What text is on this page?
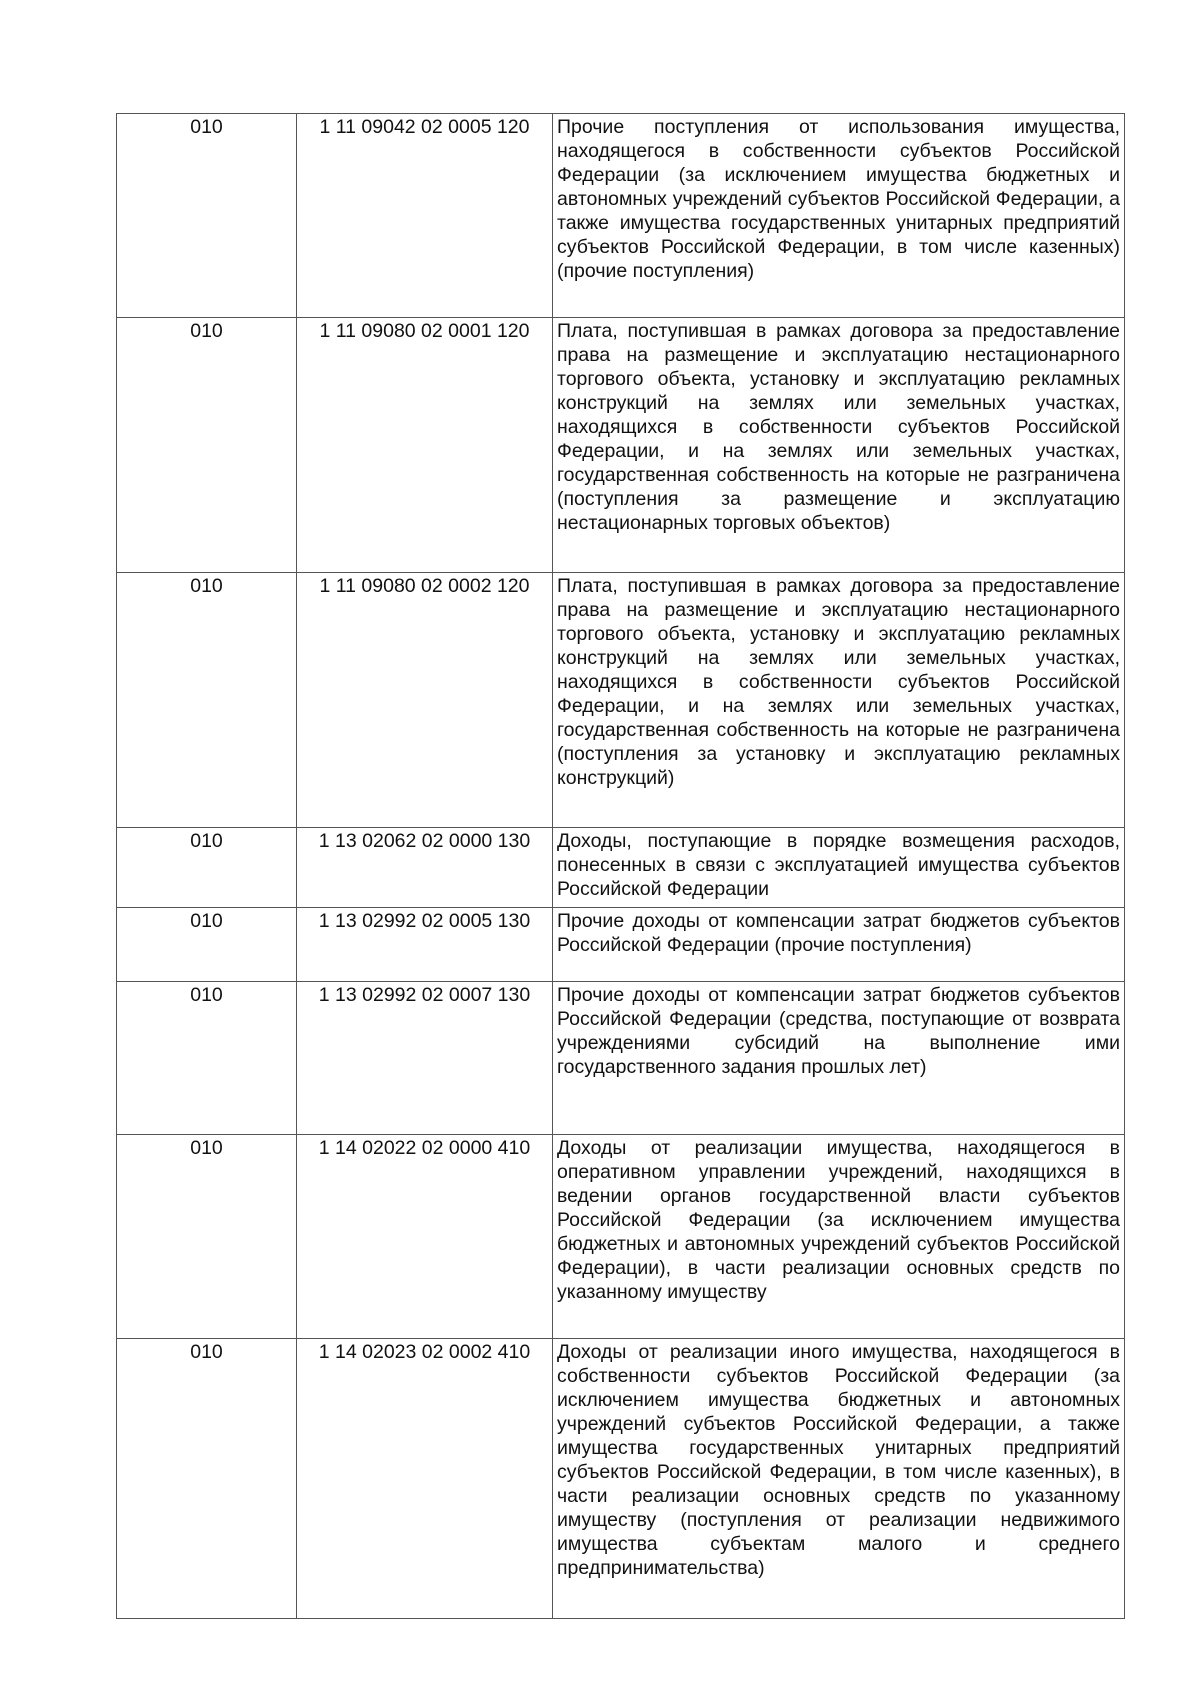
010	1 11 09042 02 0005 120	Прочие поступления от использования имущества, находящегося в собственности субъектов Российской Федерации (за исключением имущества бюджетных и автономных учреждений субъектов Российской Федерации, а также имущества государственных унитарных предприятий субъектов Российской Федерации, в том числе казенных) (прочие поступления)
010	1 11 09080 02 0001 120	Плата, поступившая в рамках договора за предоставление права на размещение и эксплуатацию нестационарного торгового объекта, установку и эксплуатацию рекламных конструкций на землях или земельных участках, находящихся в собственности субъектов Российской Федерации, и на землях или земельных участках, государственная собственность на которые не разграничена (поступления за размещение и эксплуатацию нестационарных торговых объектов)
010	1 11 09080 02 0002 120	Плата, поступившая в рамках договора за предоставление права на размещение и эксплуатацию нестационарного торгового объекта, установку и эксплуатацию рекламных конструкций на землях или земельных участках, находящихся в собственности субъектов Российской Федерации, и на землях или земельных участках, государственная собственность на которые не разграничена (поступления за установку и эксплуатацию рекламных конструкций)
010	1 13 02062 02 0000 130	Доходы, поступающие в порядке возмещения расходов, понесенных в связи с эксплуатацией имущества субъектов Российской Федерации
010	1 13 02992 02 0005 130	Прочие доходы от компенсации затрат бюджетов субъектов Российской Федерации (прочие поступления)
010	1 13 02992 02 0007 130	Прочие доходы от компенсации затрат бюджетов субъектов Российской Федерации (средства, поступающие от возврата учреждениями субсидий на выполнение ими государственного задания прошлых лет)
010	1 14 02022 02 0000 410	Доходы от реализации имущества, находящегося в оперативном управлении учреждений, находящихся в ведении органов государственной власти субъектов Российской Федерации (за исключением имущества бюджетных и автономных учреждений субъектов Российской Федерации), в части реализации основных средств по указанному имуществу
010	1 14 02023 02 0002 410	Доходы от реализации иного имущества, находящегося в собственности субъектов Российской Федерации (за исключением имущества бюджетных и автономных учреждений субъектов Российской Федерации, а также имущества государственных унитарных предприятий субъектов Российской Федерации, в том числе казенных), в части реализации основных средств по указанному имуществу (поступления от реализации недвижимого имущества субъектам малого и среднего предпринимательства)
